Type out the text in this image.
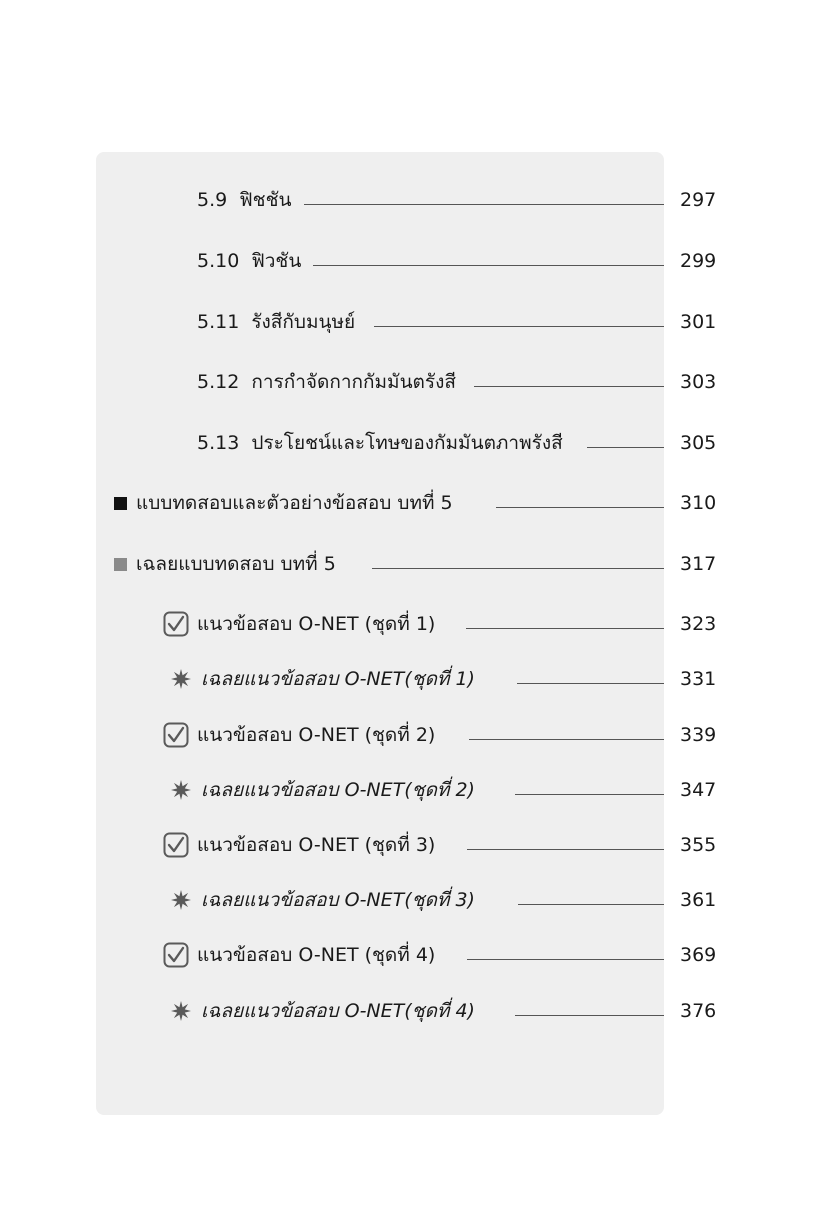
5.9 ฟิชชัน	297
5.10 ฟิวชัน	299
5.11 รังสีกับมนุษย์	301
5.12 การกำจัดกากกัมมันตรังสี	303
5.13 ประโยชน์และโทษของกัมมันตภาพรังสี	305
แบบทดสอบและตัวอย่างข้อสอบ บทที่ 5	310
เฉลยแบบทดสอบ บทที่ 5	317
แนวข้อสอบ O-NET (ชุดที่ 1)	323
เฉลยแนวข้อสอบ O-NET(ชุดที่ 1)	331
แนวข้อสอบ O-NET (ชุดที่ 2)	339
เฉลยแนวข้อสอบ O-NET(ชุดที่ 2)	347
แนวข้อสอบ O-NET (ชุดที่ 3)	355
เฉลยแนวข้อสอบ O-NET(ชุดที่ 3)	361
แนวข้อสอบ O-NET (ชุดที่ 4)	369
เฉลยแนวข้อสอบ O-NET(ชุดที่ 4)	376
